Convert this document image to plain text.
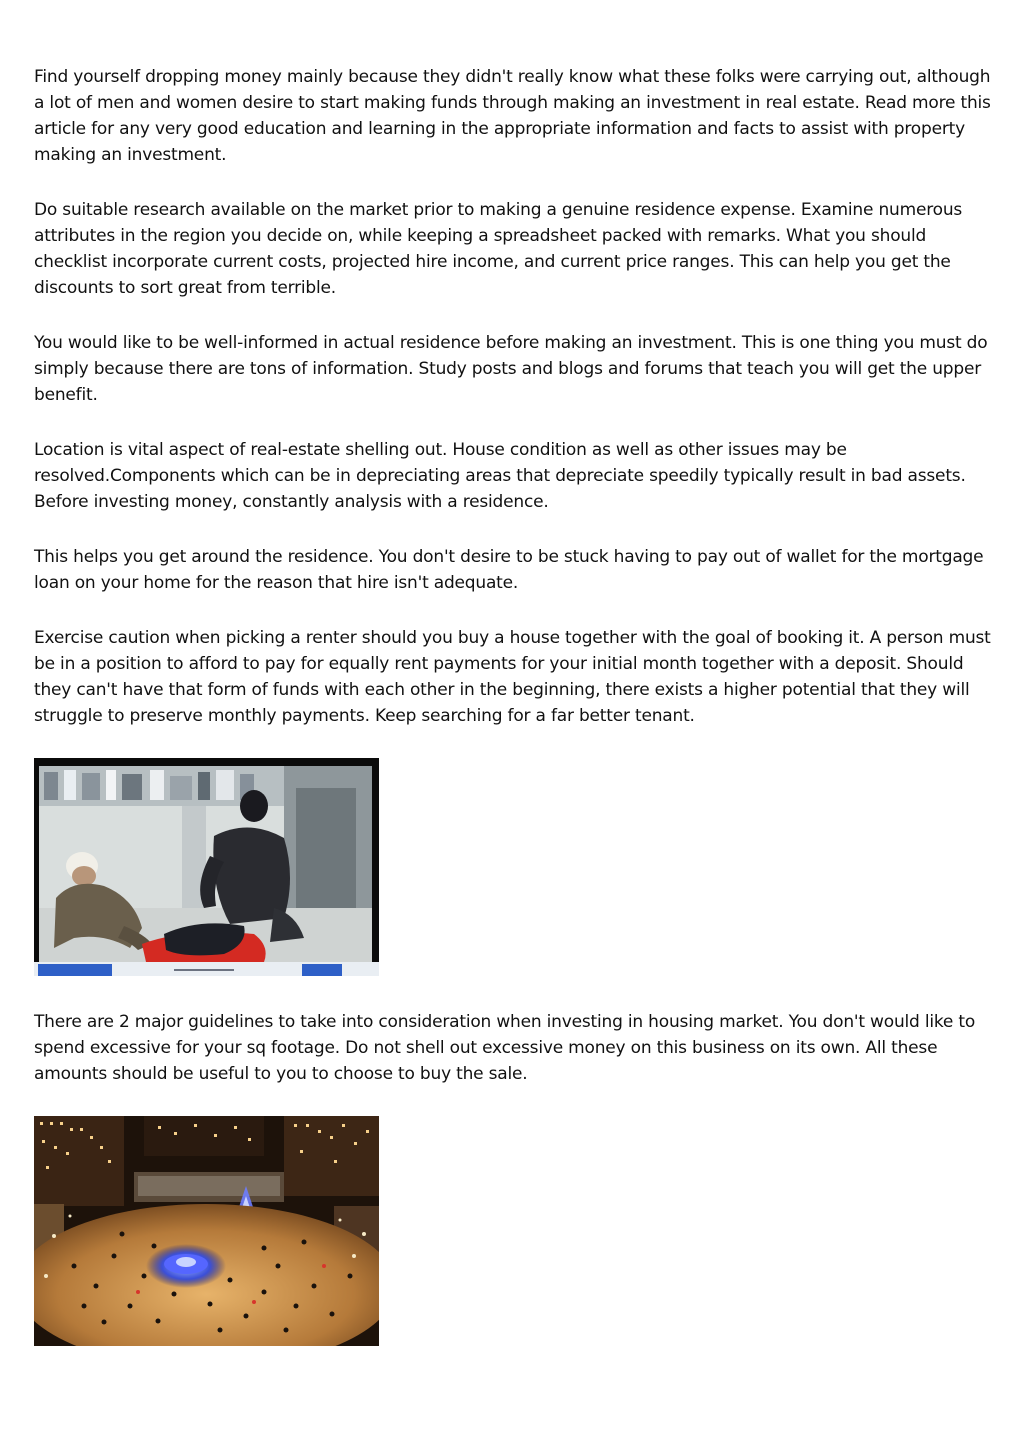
Find yourself dropping money mainly because they didn't really know what these folks were carrying out, although a lot of men and women desire to start making funds through making an investment in real estate. Read more this article for any very good education and learning in the appropriate information and facts to assist with property making an investment.

Do suitable research available on the market prior to making a genuine residence expense. Examine numerous attributes in the region you decide on, while keeping a spreadsheet packed with remarks. What you should checklist incorporate current costs, projected hire income, and current price ranges. This can help you get the discounts to sort great from terrible.

You would like to be well-informed in actual residence before making an investment. This is one thing you must do simply because there are tons of information. Study posts and blogs and forums that teach you will get the upper benefit.

Location is vital aspect of real-estate shelling out. House condition as well as other issues may be resolved.Components which can be in depreciating areas that depreciate speedily typically result in bad assets. Before investing money, constantly analysis with a residence.

This helps you get around the residence. You don't desire to be stuck having to pay out of wallet for the mortgage loan on your home for the reason that hire isn't adequate.

Exercise caution when picking a renter should you buy a house together with the goal of booking it. A person must be in a position to afford to pay for equally rent payments for your initial month together with a deposit. Should they can't have that form of funds with each other in the beginning, there exists a higher potential that they will struggle to preserve monthly payments. Keep searching for a far better tenant.

There are 2 major guidelines to take into consideration when investing in housing market. You don't would like to spend excessive for your sq footage. Do not shell out excessive money on this business on its own. All these amounts should be useful to you to choose to buy the sale.
